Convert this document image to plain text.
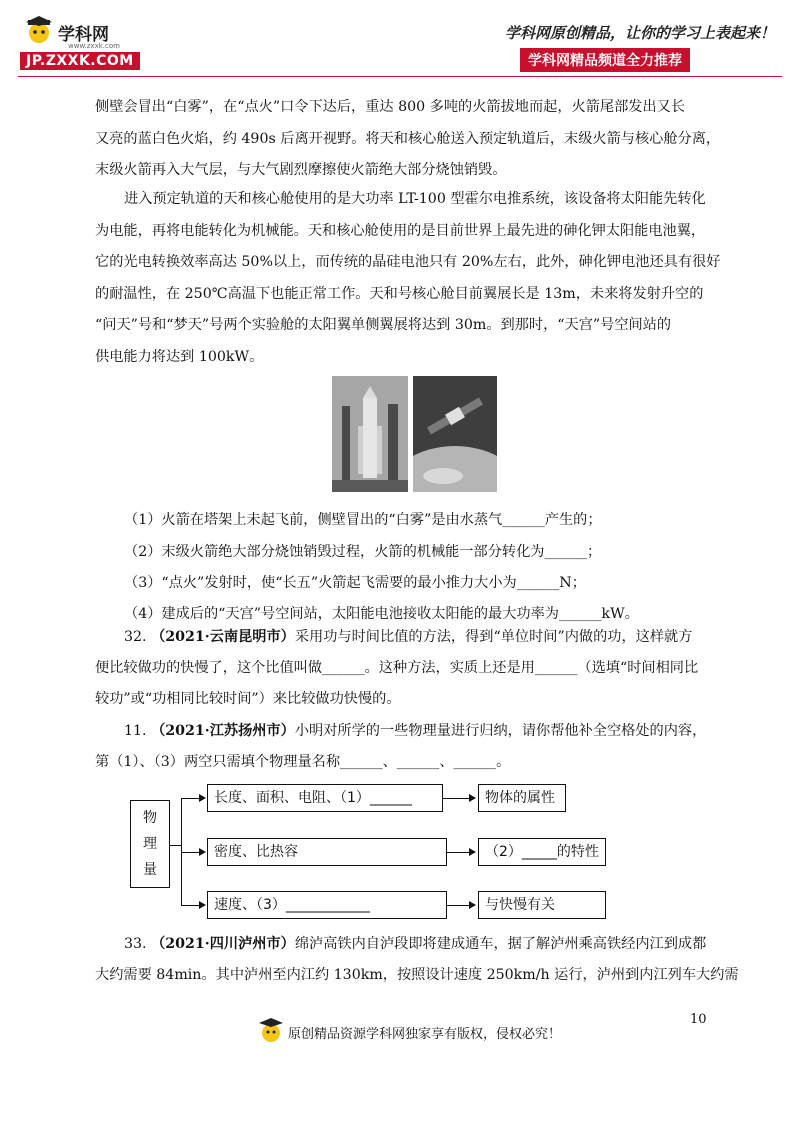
学科网
www.zxxk.com
JP.ZXXK.COM
学科网原创精品，让你的学习上表起来！
学科网精品频道全力推荐
侧壁会冒出“白雾”，在“点火”口令下达后，重达 800 多吨的火箭拔地而起，火箭尾部发出又长
又亮的蓝白色火焰，约 490s 后离开视野。将天和核心舱送入预定轨道后，末级火箭与核心舱分离，
末级火箭再入大气层，与大气剧烈摩擦使火箭绝大部分烧蚀销毁。
进入预定轨道的天和核心舱使用的是大功率 LT-100 型霍尔电推系统，该设备将太阳能先转化
为电能，再将电能转化为机械能。天和核心舱使用的是目前世界上最先进的砷化钾太阳能电池翼，
它的光电转换效率高达 50%以上，而传统的晶硅电池只有 20%左右，此外，砷化钾电池还具有很好
的耐温性，在 250℃高温下也能正常工作。天和号核心舱目前翼展长是 13m，未来将发射升空的
“问天”号和“梦天”号两个实验舱的太阳翼单侧翼展将达到 30m。到那时，“天宫”号空间站的
供电能力将达到 100kW。
（1）火箭在塔架上未起飞前，侧壁冒出的“白雾”是由水蒸气______产生的；
（2）末级火箭绝大部分烧蚀销毁过程，火箭的机械能一部分转化为______；
（3）“点火”发射时，使“长五”火箭起飞需要的最小推力大小为______N；
（4）建成后的“天宫”号空间站，太阳能电池接收太阳能的最大功率为______kW。
32. （2021·云南昆明市）采用功与时间比值的方法，得到“单位时间”内做的功，这样就方
便比较做功的快慢了，这个比值叫做______。这种方法，实质上还是用______（选填“时间相同比
较功”或“功相同比较时间”）来比较做功快慢的。
11. （2021·江苏扬州市）小明对所学的一些物理量进行归纳，请你帮他补全空格处的内容，
第（1）、（3）两空只需填个物理量名称______、______、______。
物
理
量
长度、面积、电阻、（1）______	物体的属性
密度、比热容	（2）_____的特性
速度、（3）____________	与快慢有关
33. （2021·四川泸州市）绵泸高铁内自泸段即将建成通车，据了解泸州乘高铁经内江到成都
大约需要 84min。其中泸州至内江约 130km，按照设计速度 250km/h 运行，泸州到内江列车大约需
10
原创精品资源学科网独家享有版权，侵权必究！
